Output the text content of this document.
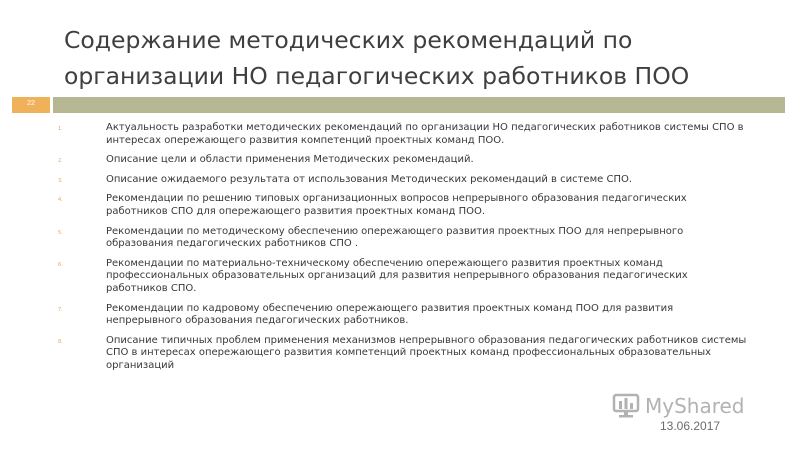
Содержание методических рекомендаций по
организации НО педагогических работников ПОО
22
1.	Актуальность разработки методических рекомендаций по организации НО педагогических работников системы СПО в интересах опережающего развития компетенций проектных команд ПОО.
2.	Описание цели и области применения Методических рекомендаций.
3.	Описание ожидаемого результата от использования Методических рекомендаций в системе СПО.
4.	Рекомендации по решению типовых организационных вопросов непрерывного образования педагогических работников СПО для опережающего развития проектных команд ПОО.
5.	Рекомендации по методическому обеспечению опережающего развития проектных ПОО для непрерывного образования педагогических работников СПО .
6.	Рекомендации по материально-техническому обеспечению опережающего развития проектных команд профессиональных образовательных организаций для развития непрерывного образования педагогических работников СПО.
7.	Рекомендации по кадровому обеспечению опережающего развития проектных команд ПОО для развития непрерывного образования педагогических работников.
8.	Описание типичных проблем применения механизмов непрерывного образования педагогических работников системы СПО в интересах опережающего развития компетенций проектных команд профессиональных образовательных организаций
MyShared
13.06.2017
